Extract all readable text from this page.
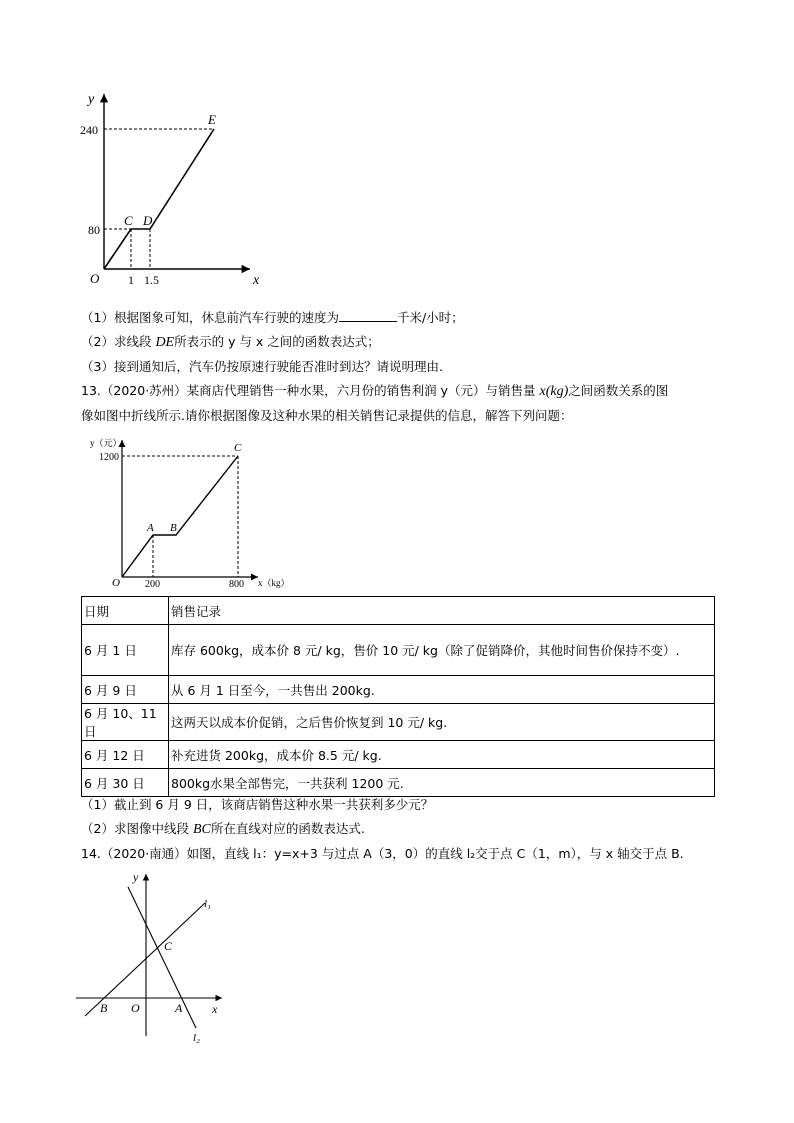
y
x
O
240
80
1 1.5
C D
E
（1）根据图象可知，休息前汽车行驶的速度为	千米/小时；
（2）求线段 DE所表示的 y 与 x 之间的函数表达式；
（3）接到通知后，汽车仍按原速行驶能否准时到达？请说明理由.
13.（2020·苏州）某商店代理销售一种水果，六月份的销售利润 y（元）与销售量 x(kg)之间函数关系的图
像如图中折线所示.请你根据图像及这种水果的相关销售记录提供的信息，解答下列问题：
y（元）
x（kg）
O
1200
200	800
A B
C
日期	销售记录
6 月 1 日	库存 600kg，成本价 8 元/ kg，售价 10 元/ kg（除了促销降价，其他时间售价保持不变）.

6 月 9 日	从 6 月 1 日至今，一共售出 200kg.
6 月 10、11 日	这两天以成本价促销，之后售价恢复到 10 元/ kg.
6 月 12 日	补充进货 200kg，成本价 8.5 元/ kg.
6 月 30 日	800kg水果全部售完，一共获利 1200 元.
（1）截止到 6 月 9 日，该商店销售这种水果一共获利多少元？
（2）求图像中线段 BC所在直线对应的函数表达式.
14.（2020·南通）如图，直线 l₁：y=x+3 与过点 A（3，0）的直线 l₂交于点 C（1，m），与 x 轴交于点 B.
y
x
O	A
B
C
l₁
l₂
